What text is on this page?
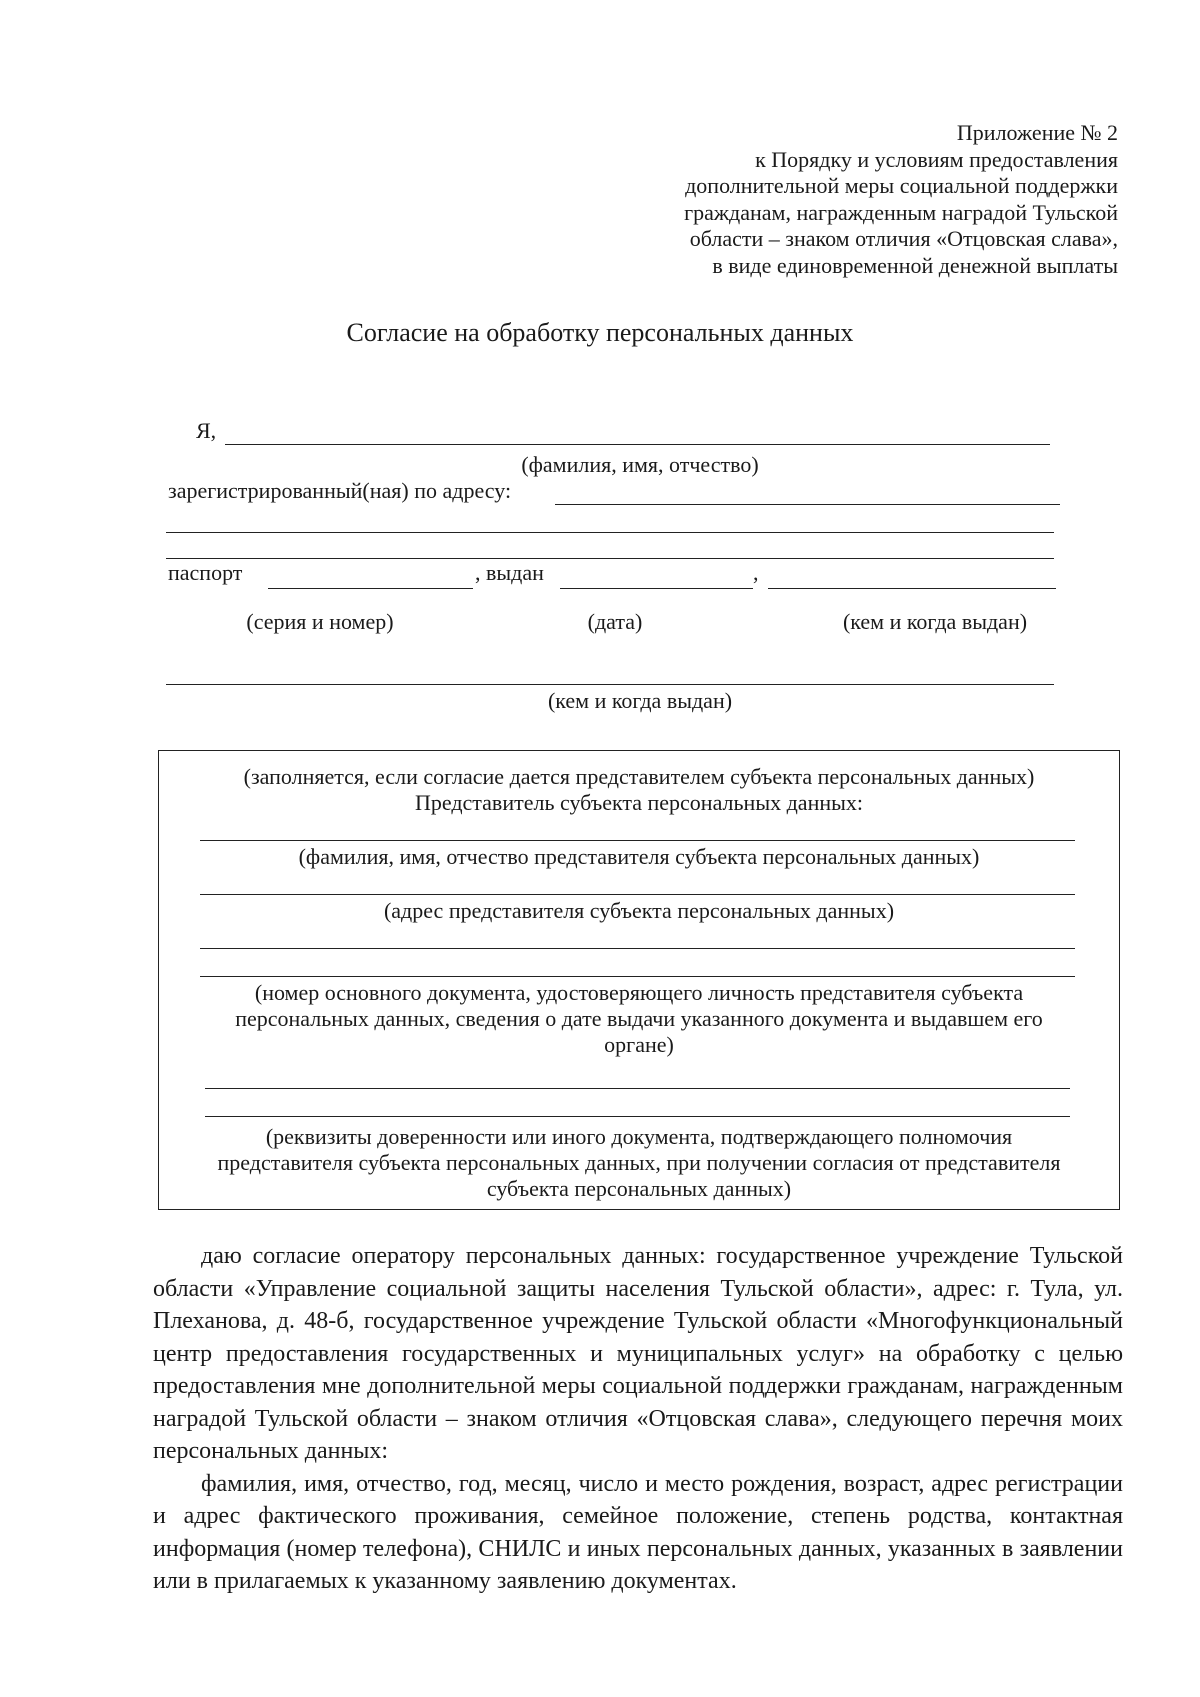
Приложение № 2
к Порядку и условиям предоставления
дополнительной меры социальной поддержки
гражданам, награжденным наградой Тульской
области – знаком отличия «Отцовская слава»,
в виде единовременной денежной выплаты
Согласие на обработку персональных данных
Я,
(фамилия, имя, отчество)
зарегистрированный(ная) по адресу:
паспорт	, выдан	,
(серия и номер)	(дата)	(кем и когда выдан)
(кем и когда выдан)
(заполняется, если согласие дается представителем субъекта персональных данных)
Представитель субъекта персональных данных:
(фамилия, имя, отчество представителя субъекта персональных данных)
(адрес представителя субъекта персональных данных)
(номер основного документа, удостоверяющего личность представителя субъекта
персональных данных, сведения о дате выдачи указанного документа и выдавшем его
органе)
(реквизиты доверенности или иного документа, подтверждающего полномочия
представителя субъекта персональных данных, при получении согласия от представителя
субъекта персональных данных)

даю согласие оператору персональных данных: государственное учреждение Тульской области «Управление социальной защиты населения Тульской области», адрес: г. Тула, ул. Плеханова, д. 48-б, государственное учреждение Тульской области «Многофункциональный центр предоставления государственных и муниципальных услуг» на обработку с целью предоставления мне дополнительной меры социальной поддержки гражданам, награжденным наградой Тульской области – знаком отличия «Отцовская слава», следующего перечня моих персональных данных:

фамилия, имя, отчество, год, месяц, число и место рождения, возраст, адрес регистрации и адрес фактического проживания, семейное положение, степень родства, контактная информация (номер телефона), СНИЛС и иных персональных данных, указанных в заявлении или в прилагаемых к указанному заявлению документах.
